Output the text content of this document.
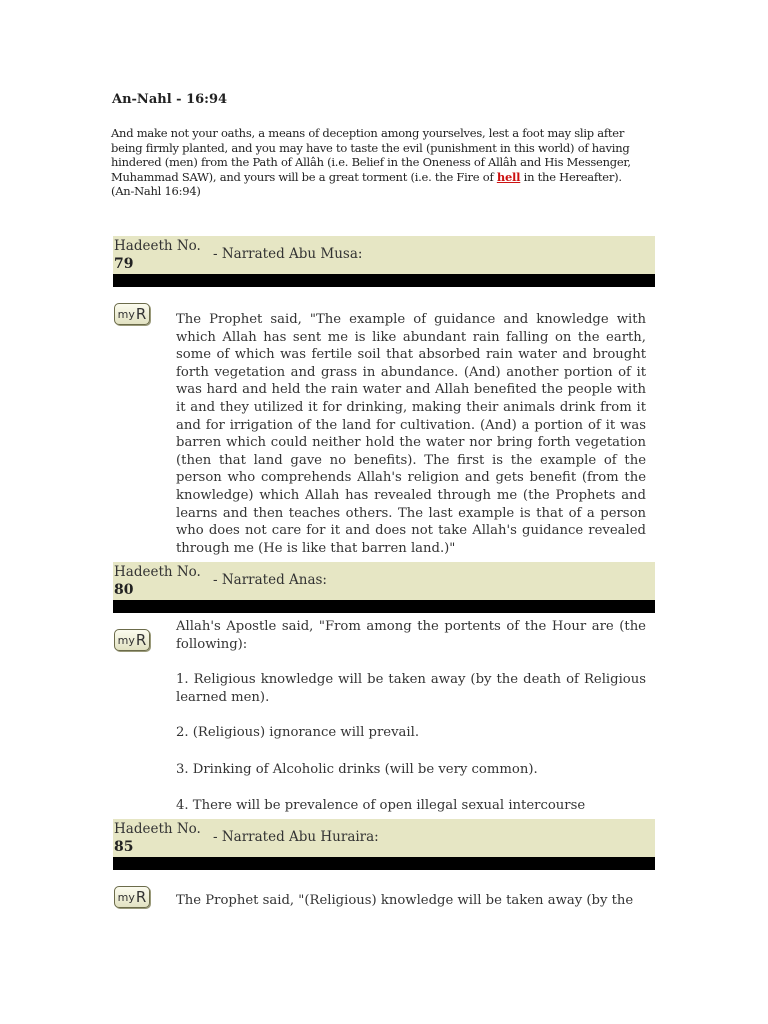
An-Nahl - 16:94
And make not your oaths, a means of deception among yourselves, lest a foot may slip after being firmly planted, and you may have to taste the evil (punishment in this world) of having hindered (men) from the Path of Allâh (i.e. Belief in the Oneness of Allâh and His Messenger, Muhammad SAW), and yours will be a great torment (i.e. the Fire of hell in the Hereafter). (An-Nahl 16:94)
Hadeeth No.
79
- Narrated Abu Musa:
my R The Prophet said, "The example of guidance and knowledge with which Allah has sent me is like abundant rain falling on the earth, some of which was fertile soil that absorbed rain water and brought forth vegetation and grass in abundance. (And) another portion of it was hard and held the rain water and Allah benefited the people with it and they utilized it for drinking, making their animals drink from it and for irrigation of the land for cultivation. (And) a portion of it was barren which could neither hold the water nor bring forth vegetation (then that land gave no benefits). The first is the example of the person who comprehends Allah's religion and gets benefit (from the knowledge) which Allah has revealed through me (the Prophets and learns and then teaches others. The last example is that of a person who does not care for it and does not take Allah's guidance revealed through me (He is like that barren land.)"

Hadeeth No.
80
- Narrated Anas:
my R

Allah's Apostle said, "From among the portents of the Hour are (the following):

1. Religious knowledge will be taken away (by the death of Religious learned men).

2. (Religious) ignorance will prevail.

3. Drinking of Alcoholic drinks (will be very common).

4. There will be prevalence of open illegal sexual intercourse

Hadeeth No.
85
- Narrated Abu Huraira:
my R The Prophet said, "(Religious) knowledge will be taken away (by the
